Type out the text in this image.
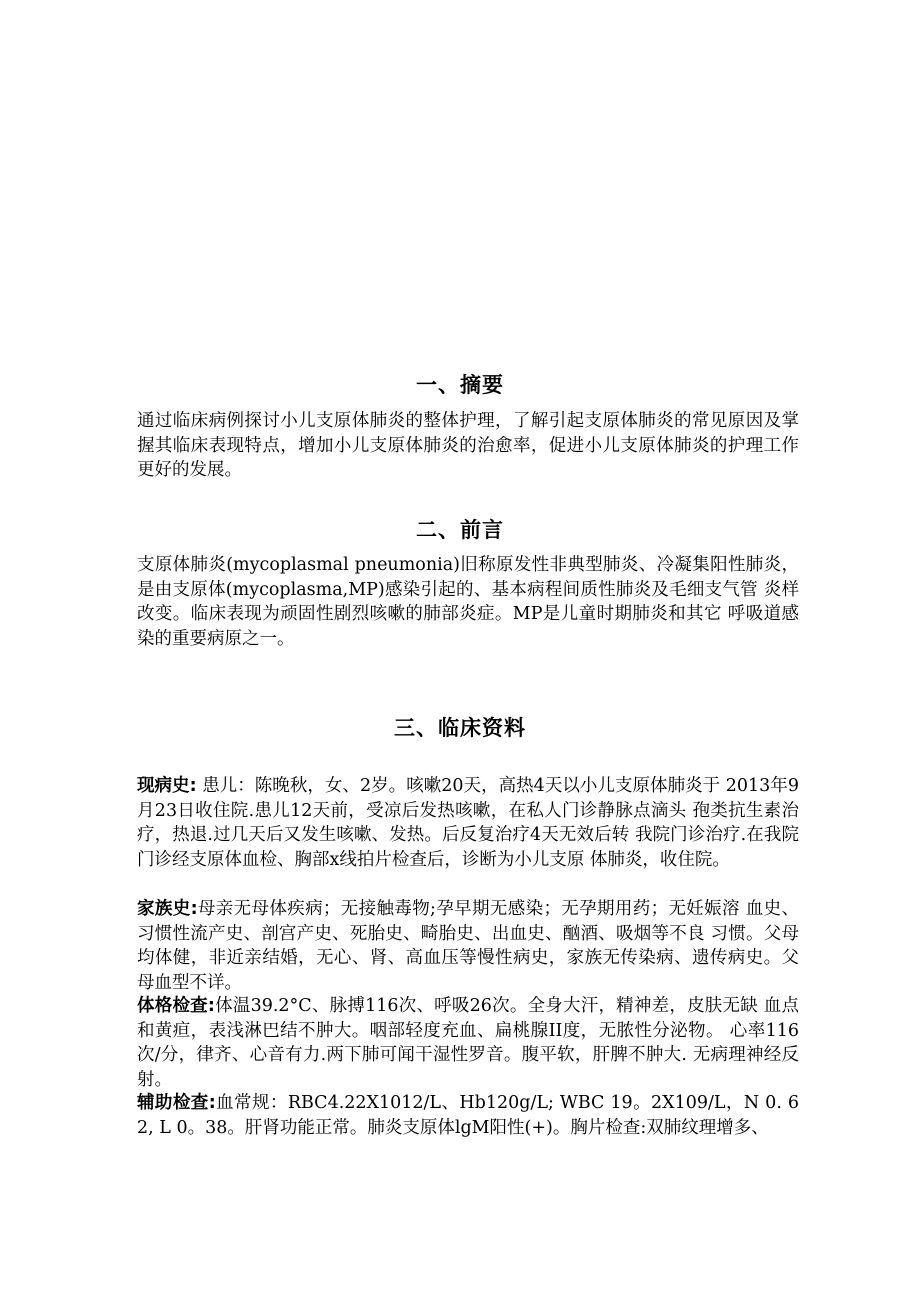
一、摘要
通过临床病例探讨小儿支原体肺炎的整体护理，了解引起支原体肺炎的常见原因及掌握其临床表现特点，增加小儿支原体肺炎的治愈率，促进小儿支原体肺炎的护理工作更好的发展。
二、前言
支原体肺炎(mycoplasmal pneumonia)旧称原发性非典型肺炎、冷凝集阳性肺炎，是由支原体(mycoplasma,MP)感染引起的、基本病程间质性肺炎及毛细支气管 炎样改变。临床表现为顽固性剧烈咳嗽的肺部炎症。MP是儿童时期肺炎和其它 呼吸道感染的重要病原之一。
三、临床资料
现病史: 患儿：陈晚秋，女、2岁。咳嗽20天，高热4天以小儿支原体肺炎于 2013年9月23日收住院.患儿12天前，受凉后发热咳嗽，在私人门诊静脉点滴头 孢类抗生素治疗，热退.过几天后又发生咳嗽、发热。后反复治疗4天无效后转 我院门诊治疗.在我院门诊经支原体血检、胸部x线拍片检查后，诊断为小儿支原 体肺炎，收住院。
家族史:母亲无母体疾病；无接触毒物;孕早期无感染；无孕期用药；无妊娠溶 血史、习惯性流产史、剖宫产史、死胎史、畸胎史、出血史、酗酒、吸烟等不良 习惯。父母均体健，非近亲结婚，无心、肾、高血压等慢性病史，家族无传染病、遗传病史。父母血型不详。
体格检查:体温39.2°C、脉搏116次、呼吸26次。全身大汗，精神差，皮肤无缺 血点和黄疸，表浅淋巴结不肿大。咽部轻度充血、扁桃腺II度，无脓性分泌物。 心率116次/分，律齐、心音有力.两下肺可闻干湿性罗音。腹平软，肝脾不肿大. 无病理神经反射。
辅助检查:血常规：RBC4.22X1012/L、Hb120g/L; WBC 19。2X109/L，N 0. 62, L 0。38。肝肾功能正常。肺炎支原体lgM阳性(+)。胸片检查:双肺纹理增多、
